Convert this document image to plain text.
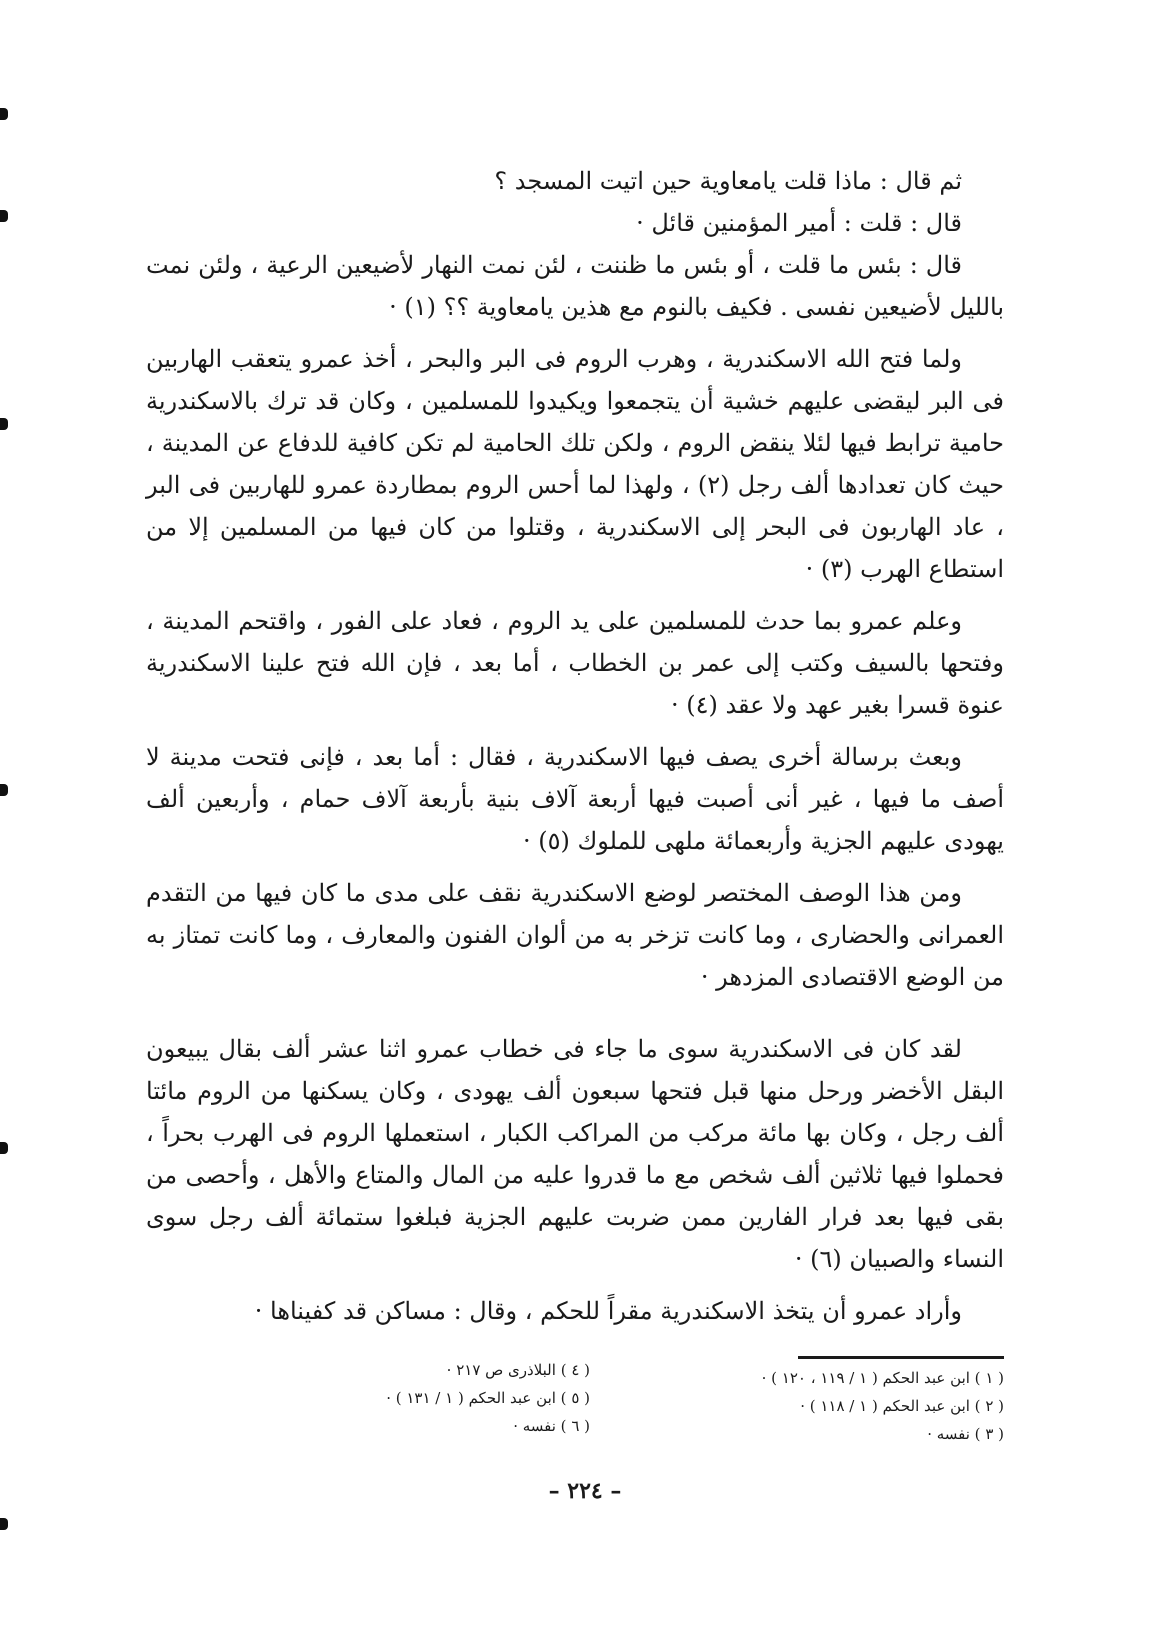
ثم قال : ماذا قلت يامعاوية حين اتيت المسجد ؟

قال : قلت : أمير المؤمنين قائل ·

قال : بئس ما قلت ، أو بئس ما ظننت ، لئن نمت النهار لأضيعين الرعية ، ولئن نمت بالليل لأضيعين نفسى . فكيف بالنوم مع هذين يامعاوية ؟؟ (١) ·

ولما فتح الله الاسكندرية ، وهرب الروم فى البر والبحر ، أخذ عمرو يتعقب الهاربين فى البر ليقضى عليهم خشية أن يتجمعوا ويكيدوا للمسلمين ، وكان قد ترك بالاسكندرية حامية ترابط فيها لئلا ينقض الروم ، ولكن تلك الحامية لم تكن كافية للدفاع عن المدينة ، حيث كان تعدادها ألف رجل (٢) ، ولهذا لما أحس الروم بمطاردة عمرو للهاربين فى البر ، عاد الهاربون فى البحر إلى الاسكندرية ، وقتلوا من كان فيها من المسلمين إلا من استطاع الهرب (٣) ·

وعلم عمرو بما حدث للمسلمين على يد الروم ، فعاد على الفور ، واقتحم المدينة ، وفتحها بالسيف وكتب إلى عمر بن الخطاب ، أما بعد ، فإن الله فتح علينا الاسكندرية عنوة قسرا بغير عهد ولا عقد (٤) ·

وبعث برسالة أخرى يصف فيها الاسكندرية ، فقال : أما بعد ، فإنى فتحت مدينة لا أصف ما فيها ، غير أنى أصبت فيها أربعة آلاف بنية بأربعة آلاف حمام ، وأربعين ألف يهودى عليهم الجزية وأربعمائة ملهى للملوك (٥) ·

ومن هذا الوصف المختصر لوضع الاسكندرية نقف على مدى ما كان فيها من التقدم العمرانى والحضارى ، وما كانت تزخر به من ألوان الفنون والمعارف ، وما كانت تمتاز به من الوضع الاقتصادى المزدهر ·

لقد كان فى الاسكندرية سوى ما جاء فى خطاب عمرو اثنا عشر ألف بقال يبيعون البقل الأخضر ورحل منها قبل فتحها سبعون ألف يهودى ، وكان يسكنها من الروم مائتا ألف رجل ، وكان بها مائة مركب من المراكب الكبار ، استعملها الروم فى الهرب بحراً ، فحملوا فيها ثلاثين ألف شخص مع ما قدروا عليه من المال والمتاع والأهل ، وأحصى من بقى فيها بعد فرار الفارين ممن ضربت عليهم الجزية فبلغوا ستمائة ألف رجل سوى النساء والصبيان (٦) ·

وأراد عمرو أن يتخذ الاسكندرية مقراً للحكم ، وقال : مساكن قد كفيناها ·

( ١ ) ابن عبد الحكم ( ١ / ١١٩ ، ١٢٠ ) ·

( ٢ ) ابن عبد الحكم ( ١ / ١١٨ ) ·

( ٣ ) نفسه ·

( ٤ ) البلاذرى ص ٢١٧ ·

( ٥ ) ابن عبد الحكم ( ١ / ١٣١ ) ·

( ٦ ) نفسه ·

– ٢٢٤ –
